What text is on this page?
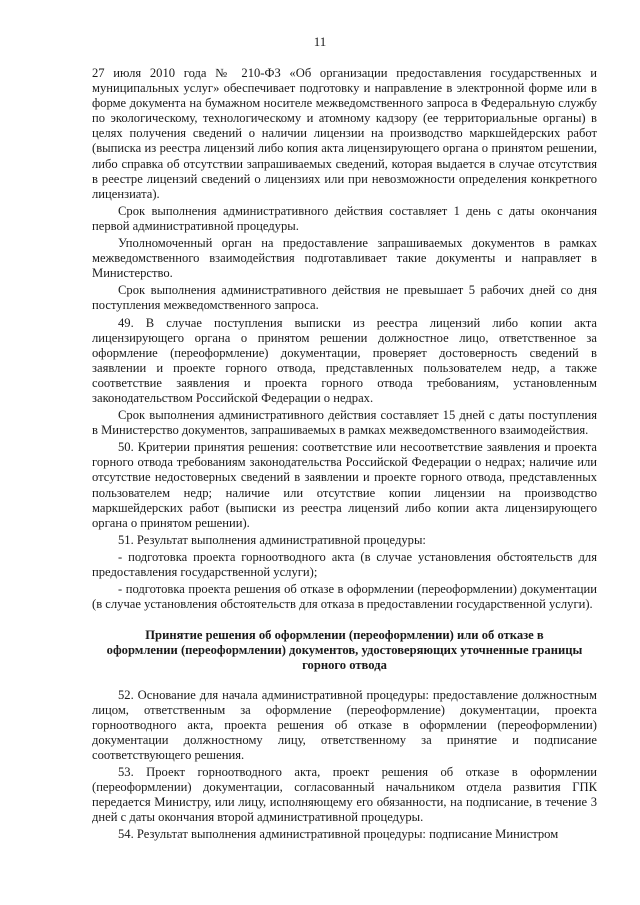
11

27 июля 2010 года № 210-ФЗ «Об организации предоставления государственных и муниципальных услуг» обеспечивает подготовку и направление в электронной форме или в форме документа на бумажном носителе межведомственного запроса в Федеральную службу по экологическому, технологическому и атомному кадзору (ее территориальные органы) в целях получения сведений о наличии лицензии на производство маркшейдерских работ (выписка из реестра лицензий либо копия акта лицензирующего органа о принятом решении, либо справка об отсутствии запрашиваемых сведений, которая выдается в случае отсутствия в реестре лицензий сведений о лицензиях или при невозможности определения конкретного лицензиата).

Срок выполнения административного действия составляет 1 день с даты окончания первой административной процедуры.

Уполномоченный орган на предоставление запрашиваемых документов в рамках межведомственного взаимодействия подготавливает такие документы и направляет в Министерство.

Срок выполнения административного действия не превышает 5 рабочих дней со дня поступления межведомственного запроса.

49. В случае поступления выписки из реестра лицензий либо копии акта лицензирующего органа о принятом решении должностное лицо, ответственное за оформление (переоформление) документации, проверяет достоверность сведений в заявлении и проекте горного отвода, представленных пользователем недр, а также соответствие заявления и проекта горного отвода требованиям, установленным законодательством Российской Федерации о недрах.

Срок выполнения административного действия составляет 15 дней с даты поступления в Министерство документов, запрашиваемых в рамках межведомственного взаимодействия.

50. Критерии принятия решения: соответствие или несоответствие заявления и проекта горного отвода требованиям законодательства Российской Федерации о недрах; наличие или отсутствие недостоверных сведений в заявлении и проекте горного отвода, представленных пользователем недр; наличие или отсутствие копии лицензии на производство маркшейдерских работ (выписки из реестра лицензий либо копии акта лицензирующего органа о принятом решении).

51. Результат выполнения административной процедуры:

- подготовка проекта горноотводного акта (в случае установления обстоятельств для предоставления государственной услуги);

- подготовка проекта решения об отказе в оформлении (переоформлении) документации (в случае установления обстоятельств для отказа в предоставлении государственной услуги).

Принятие решения об оформлении (переоформлении) или об отказе в
оформлении (переоформлении) документов, удостоверяющих уточненные границы
горного отвода

52. Основание для начала административной процедуры: предоставление должностным лицом, ответственным за оформление (переоформление) документации, проекта горноотводного акта, проекта решения об отказе в оформлении (переоформлении) документации должностному лицу, ответственному за принятие и подписание соответствующего решения.

53. Проект горноотводного акта, проект решения об отказе в оформлении (переоформлении) документации, согласованный начальником отдела развития ГПК передается Министру, или лицу, исполняющему его обязанности, на подписание, в течение 3 дней с даты окончания второй административной процедуры.

54. Результат выполнения административной процедуры: подписание Министром
